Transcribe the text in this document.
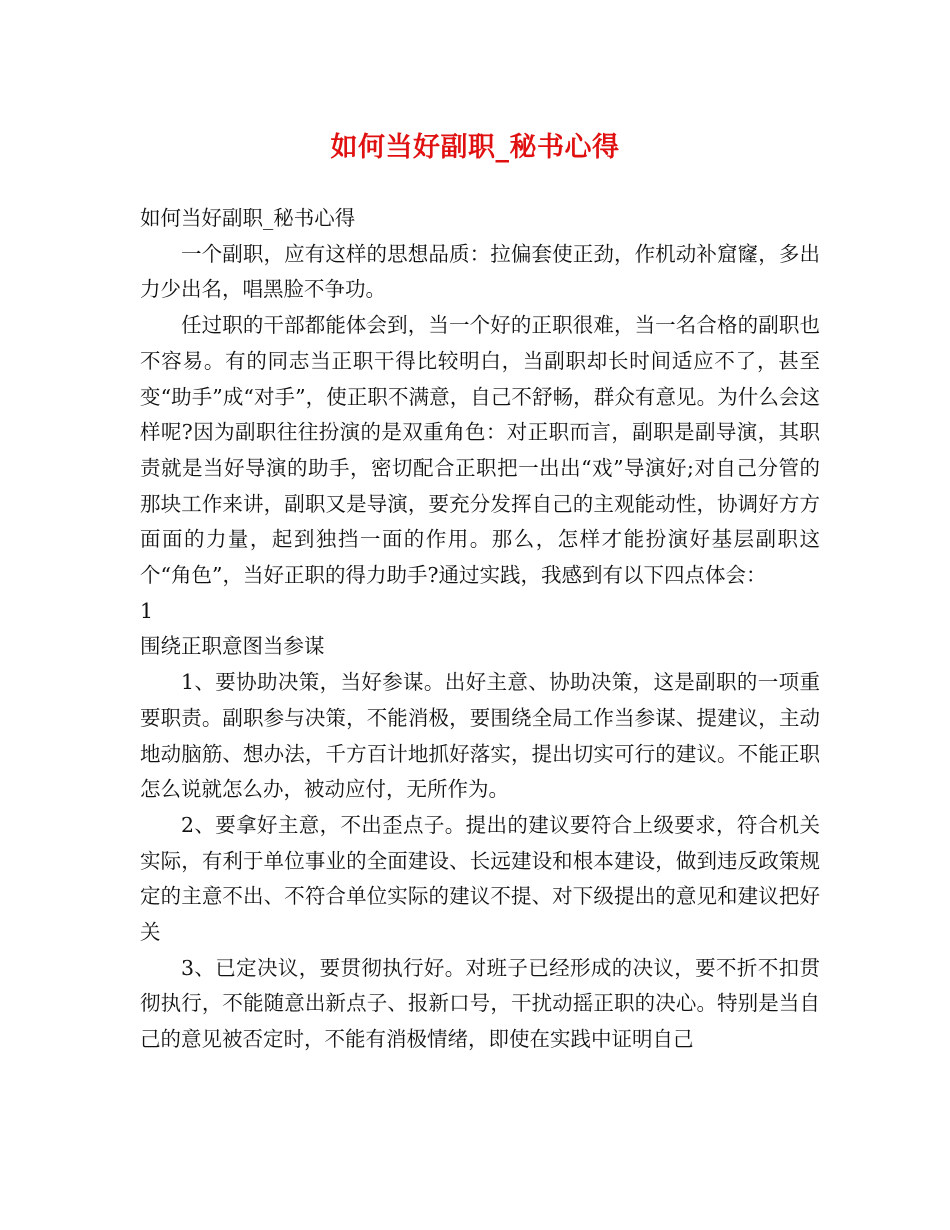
如何当好副职_秘书心得

如何当好副职_秘书心得

一个副职，应有这样的思想品质：拉偏套使正劲，作机动补窟窿，多出力少出名，唱黑脸不争功。

任过职的干部都能体会到，当一个好的正职很难，当一名合格的副职也不容易。有的同志当正职干得比较明白，当副职却长时间适应不了，甚至变“助手”成“对手”，使正职不满意，自己不舒畅，群众有意见。为什么会这样呢?因为副职往往扮演的是双重角色：对正职而言，副职是副导演，其职责就是当好导演的助手，密切配合正职把一出出“戏”导演好;对自己分管的那块工作来讲，副职又是导演，要充分发挥自己的主观能动性，协调好方方面面的力量，起到独挡一面的作用。那么，怎样才能扮演好基层副职这个“角色”，当好正职的得力助手?通过实践，我感到有以下四点体会：

1

围绕正职意图当参谋

1、要协助决策，当好参谋。出好主意、协助决策，这是副职的一项重要职责。副职参与决策，不能消极，要围绕全局工作当参谋、提建议，主动地动脑筋、想办法，千方百计地抓好落实，提出切实可行的建议。不能正职怎么说就怎么办，被动应付，无所作为。

2、要拿好主意，不出歪点子。提出的建议要符合上级要求，符合机关实际，有利于单位事业的全面建设、长远建设和根本建设，做到违反政策规定的主意不出、不符合单位实际的建议不提、对下级提出的意见和建议把好关

3、已定决议，要贯彻执行好。对班子已经形成的决议，要不折不扣贯彻执行，不能随意出新点子、报新口号，干扰动摇正职的决心。特别是当自己的意见被否定时，不能有消极情绪，即使在实践中证明自己
